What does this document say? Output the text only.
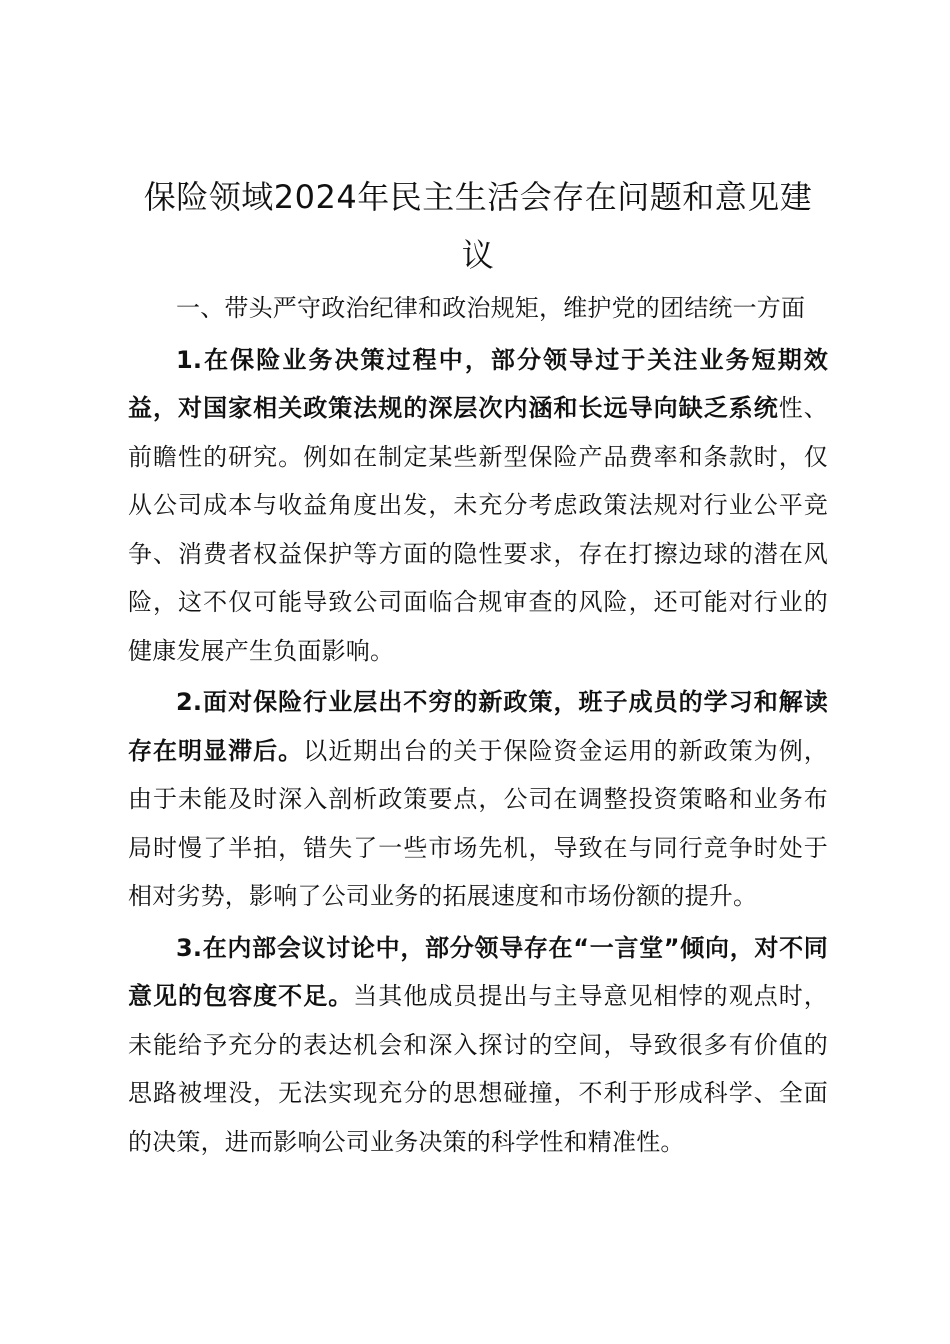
保险领域2024年民主生活会存在问题和意见建议

一、带头严守政治纪律和政治规矩，维护党的团结统一方面

1.在保险业务决策过程中，部分领导过于关注业务短期效益，对国家相关政策法规的深层次内涵和长远导向缺乏系统性、前瞻性的研究。例如在制定某些新型保险产品费率和条款时，仅从公司成本与收益角度出发，未充分考虑政策法规对行业公平竞争、消费者权益保护等方面的隐性要求，存在打擦边球的潜在风险，这不仅可能导致公司面临合规审查的风险，还可能对行业的健康发展产生负面影响。

2.面对保险行业层出不穷的新政策，班子成员的学习和解读存在明显滞后。以近期出台的关于保险资金运用的新政策为例，由于未能及时深入剖析政策要点，公司在调整投资策略和业务布局时慢了半拍，错失了一些市场先机，导致在与同行竞争时处于相对劣势，影响了公司业务的拓展速度和市场份额的提升。

3.在内部会议讨论中，部分领导存在“一言堂”倾向，对不同意见的包容度不足。当其他成员提出与主导意见相悖的观点时，未能给予充分的表达机会和深入探讨的空间，导致很多有价值的思路被埋没，无法实现充分的思想碰撞，不利于形成科学、全面的决策，进而影响公司业务决策的科学性和精准性。
